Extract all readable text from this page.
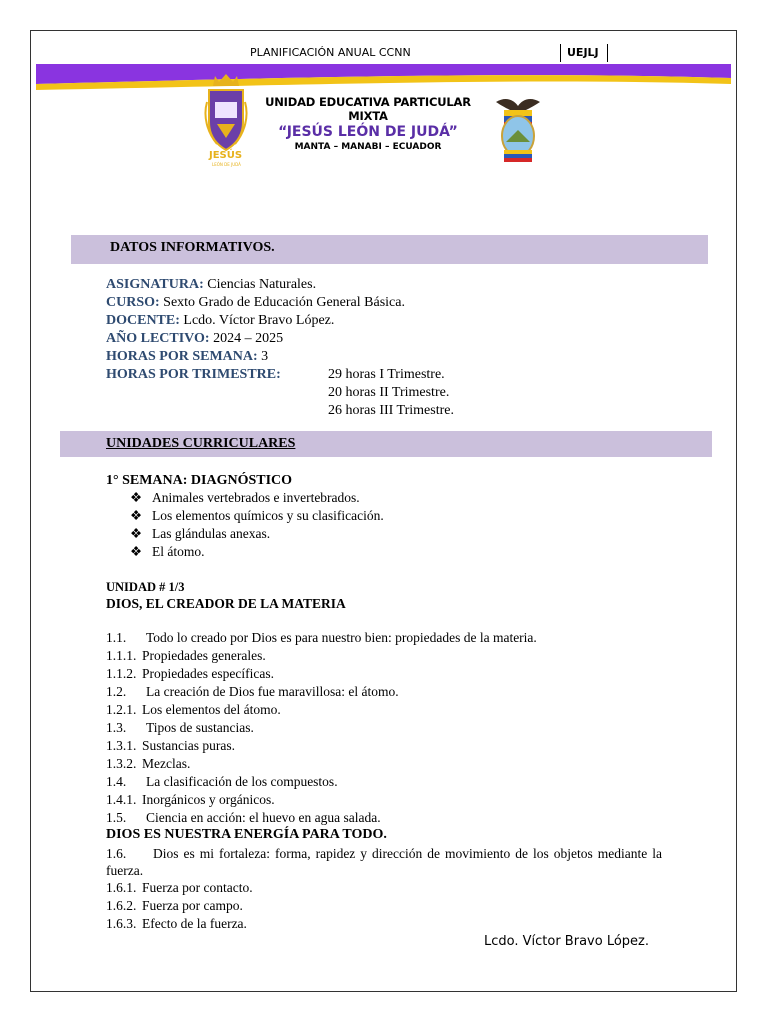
PLANIFICACIÓN ANUAL CCNN	UEJLJ
JESÚS
LEÓN DE JUDÁ
UNIDAD EDUCATIVA PARTICULAR MIXTA
“JESÚS LEÓN DE JUDÁ”
MANTA – MANABI – ECUADOR
DATOS INFORMATIVOS.
ASIGNATURA: Ciencias Naturales.
CURSO: Sexto Grado de Educación General Básica.
DOCENTE: Lcdo. Víctor Bravo López.
AÑO LECTIVO: 2024 – 2025
HORAS POR SEMANA: 3
HORAS POR TRIMESTRE:	29 horas I Trimestre.
20 horas II Trimestre.
26 horas III Trimestre.
UNIDADES CURRICULARES
1° SEMANA: DIAGNÓSTICO
❖ Animales vertebrados e invertebrados.
❖ Los elementos químicos y su clasificación.
❖ Las glándulas anexas.
❖ El átomo.
UNIDAD # 1/3
DIOS, EL CREADOR DE LA MATERIA
1.1. Todo lo creado por Dios es para nuestro bien: propiedades de la materia.
1.1.1. Propiedades generales.
1.1.2. Propiedades específicas.
1.2. La creación de Dios fue maravillosa: el átomo.
1.2.1. Los elementos del átomo.
1.3. Tipos de sustancias.
1.3.1. Sustancias puras.
1.3.2. Mezclas.
1.4. La clasificación de los compuestos.
1.4.1. Inorgánicos y orgánicos.
1.5. Ciencia en acción: el huevo en agua salada.
DIOS ES NUESTRA ENERGÍA PARA TODO.
1.6. Dios es mi fortaleza: forma, rapidez y dirección de movimiento de los objetos mediante la fuerza.
1.6.1. Fuerza por contacto.
1.6.2. Fuerza por campo.
1.6.3. Efecto de la fuerza.
Lcdo. Víctor Bravo López.
